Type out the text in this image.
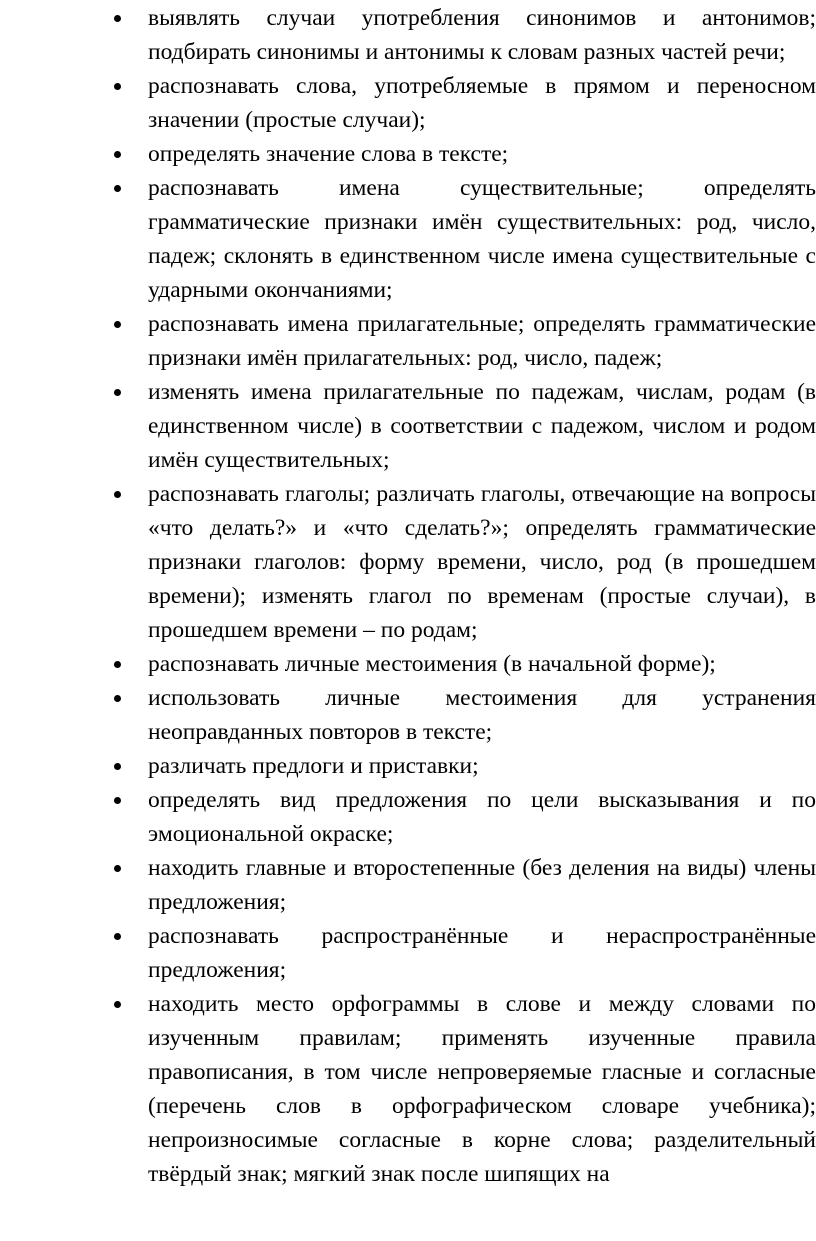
выявлять случаи употребления синонимов и антонимов; подбирать синонимы и антонимы к словам разных частей речи;
распознавать слова, употребляемые в прямом и переносном значении (простые случаи);
определять значение слова в тексте;
распознавать имена существительные; определять грамматические признаки имён существительных: род, число, падеж; склонять в единственном числе имена существительные с ударными окончаниями;
распознавать имена прилагательные; определять грамматические признаки имён прилагательных: род, число, падеж;
изменять имена прилагательные по падежам, числам, родам (в единственном числе) в соответствии с падежом, числом и родом имён существительных;
распознавать глаголы; различать глаголы, отвечающие на вопросы «что делать?» и «что сделать?»; определять грамматические признаки глаголов: форму времени, число, род (в прошедшем времени); изменять глагол по временам (простые случаи), в прошедшем времени – по родам;
распознавать личные местоимения (в начальной форме);
использовать личные местоимения для устранения неоправданных повторов в тексте;
различать предлоги и приставки;
определять вид предложения по цели высказывания и по эмоциональной окраске;
находить главные и второстепенные (без деления на виды) члены предложения;
распознавать распространённые и нераспространённые предложения;
находить место орфограммы в слове и между словами по изученным правилам; применять изученные правила правописания, в том числе непроверяемые гласные и согласные (перечень слов в орфографическом словаре учебника); непроизносимые согласные в корне слова; разделительный твёрдый знак; мягкий знак после шипящих на
